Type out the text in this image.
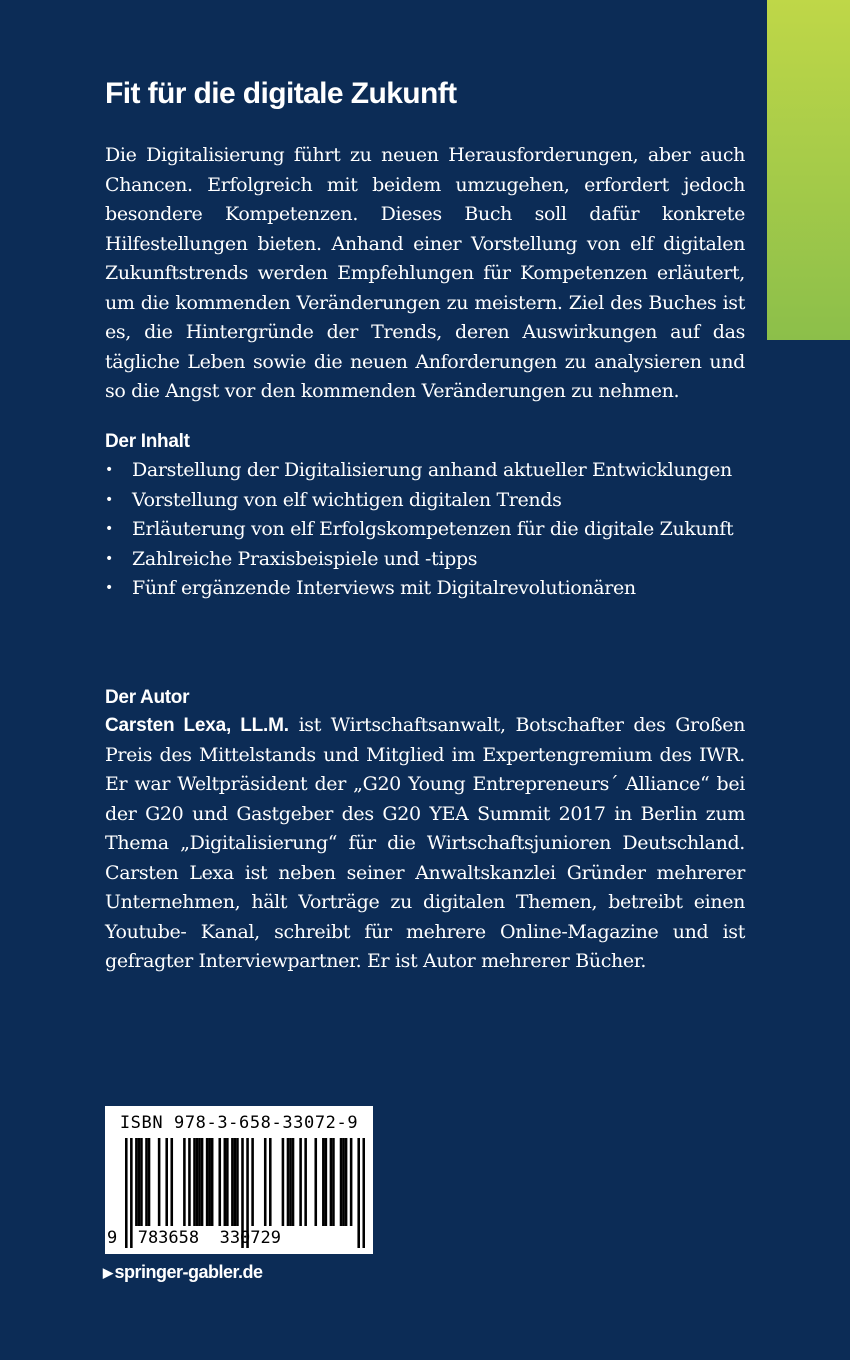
Fit für die digitale Zukunft

Die Digitalisierung führt zu neuen Herausforderungen, aber auch Chancen. Erfolgreich mit beidem umzugehen, erfordert jedoch besondere Kompetenzen. Dieses Buch soll dafür konkrete Hilfestellungen bieten. Anhand einer Vorstellung von elf digitalen Zukunftstrends werden Empfehlungen für Kompetenzen erläutert, um die kommenden Veränderungen zu meistern. Ziel des Buches ist es, die Hintergründe der Trends, deren Auswirkungen auf das tägliche Leben sowie die neuen Anforderungen zu analysieren und so die Angst vor den kommenden Veränderungen zu nehmen.

Der Inhalt
• Darstellung der Digitalisierung anhand aktueller Entwicklungen
• Vorstellung von elf wichtigen digitalen Trends
• Erläuterung von elf Erfolgskompetenzen für die digitale Zukunft
• Zahlreiche Praxisbeispiele und -tipps
• Fünf ergänzende Interviews mit Digitalrevolutionären
Der Autor

Carsten Lexa, LL.M. ist Wirtschaftsanwalt, Botschafter des Großen Preis des Mittelstands und Mitglied im Expertengremium des IWR. Er war Weltpräsident der „G20 Young Entrepreneurs´ Alliance“ bei der G20 und Gastgeber des G20 YEA Summit 2017 in Berlin zum Thema „Digitalisierung“ für die Wirtschaftsjunioren Deutschland. Carsten Lexa ist neben seiner Anwaltskanzlei Gründer mehrerer Unternehmen, hält Vorträge zu digitalen Themen, betreibt einen Youtube- Kanal, schreibt für mehrere Online-Magazine und ist gefragter Interviewpartner. Er ist Autor mehrerer Bücher.

ISBN 978-3-658-33072-9

9  783658  330729

▶ springer-gabler.de
